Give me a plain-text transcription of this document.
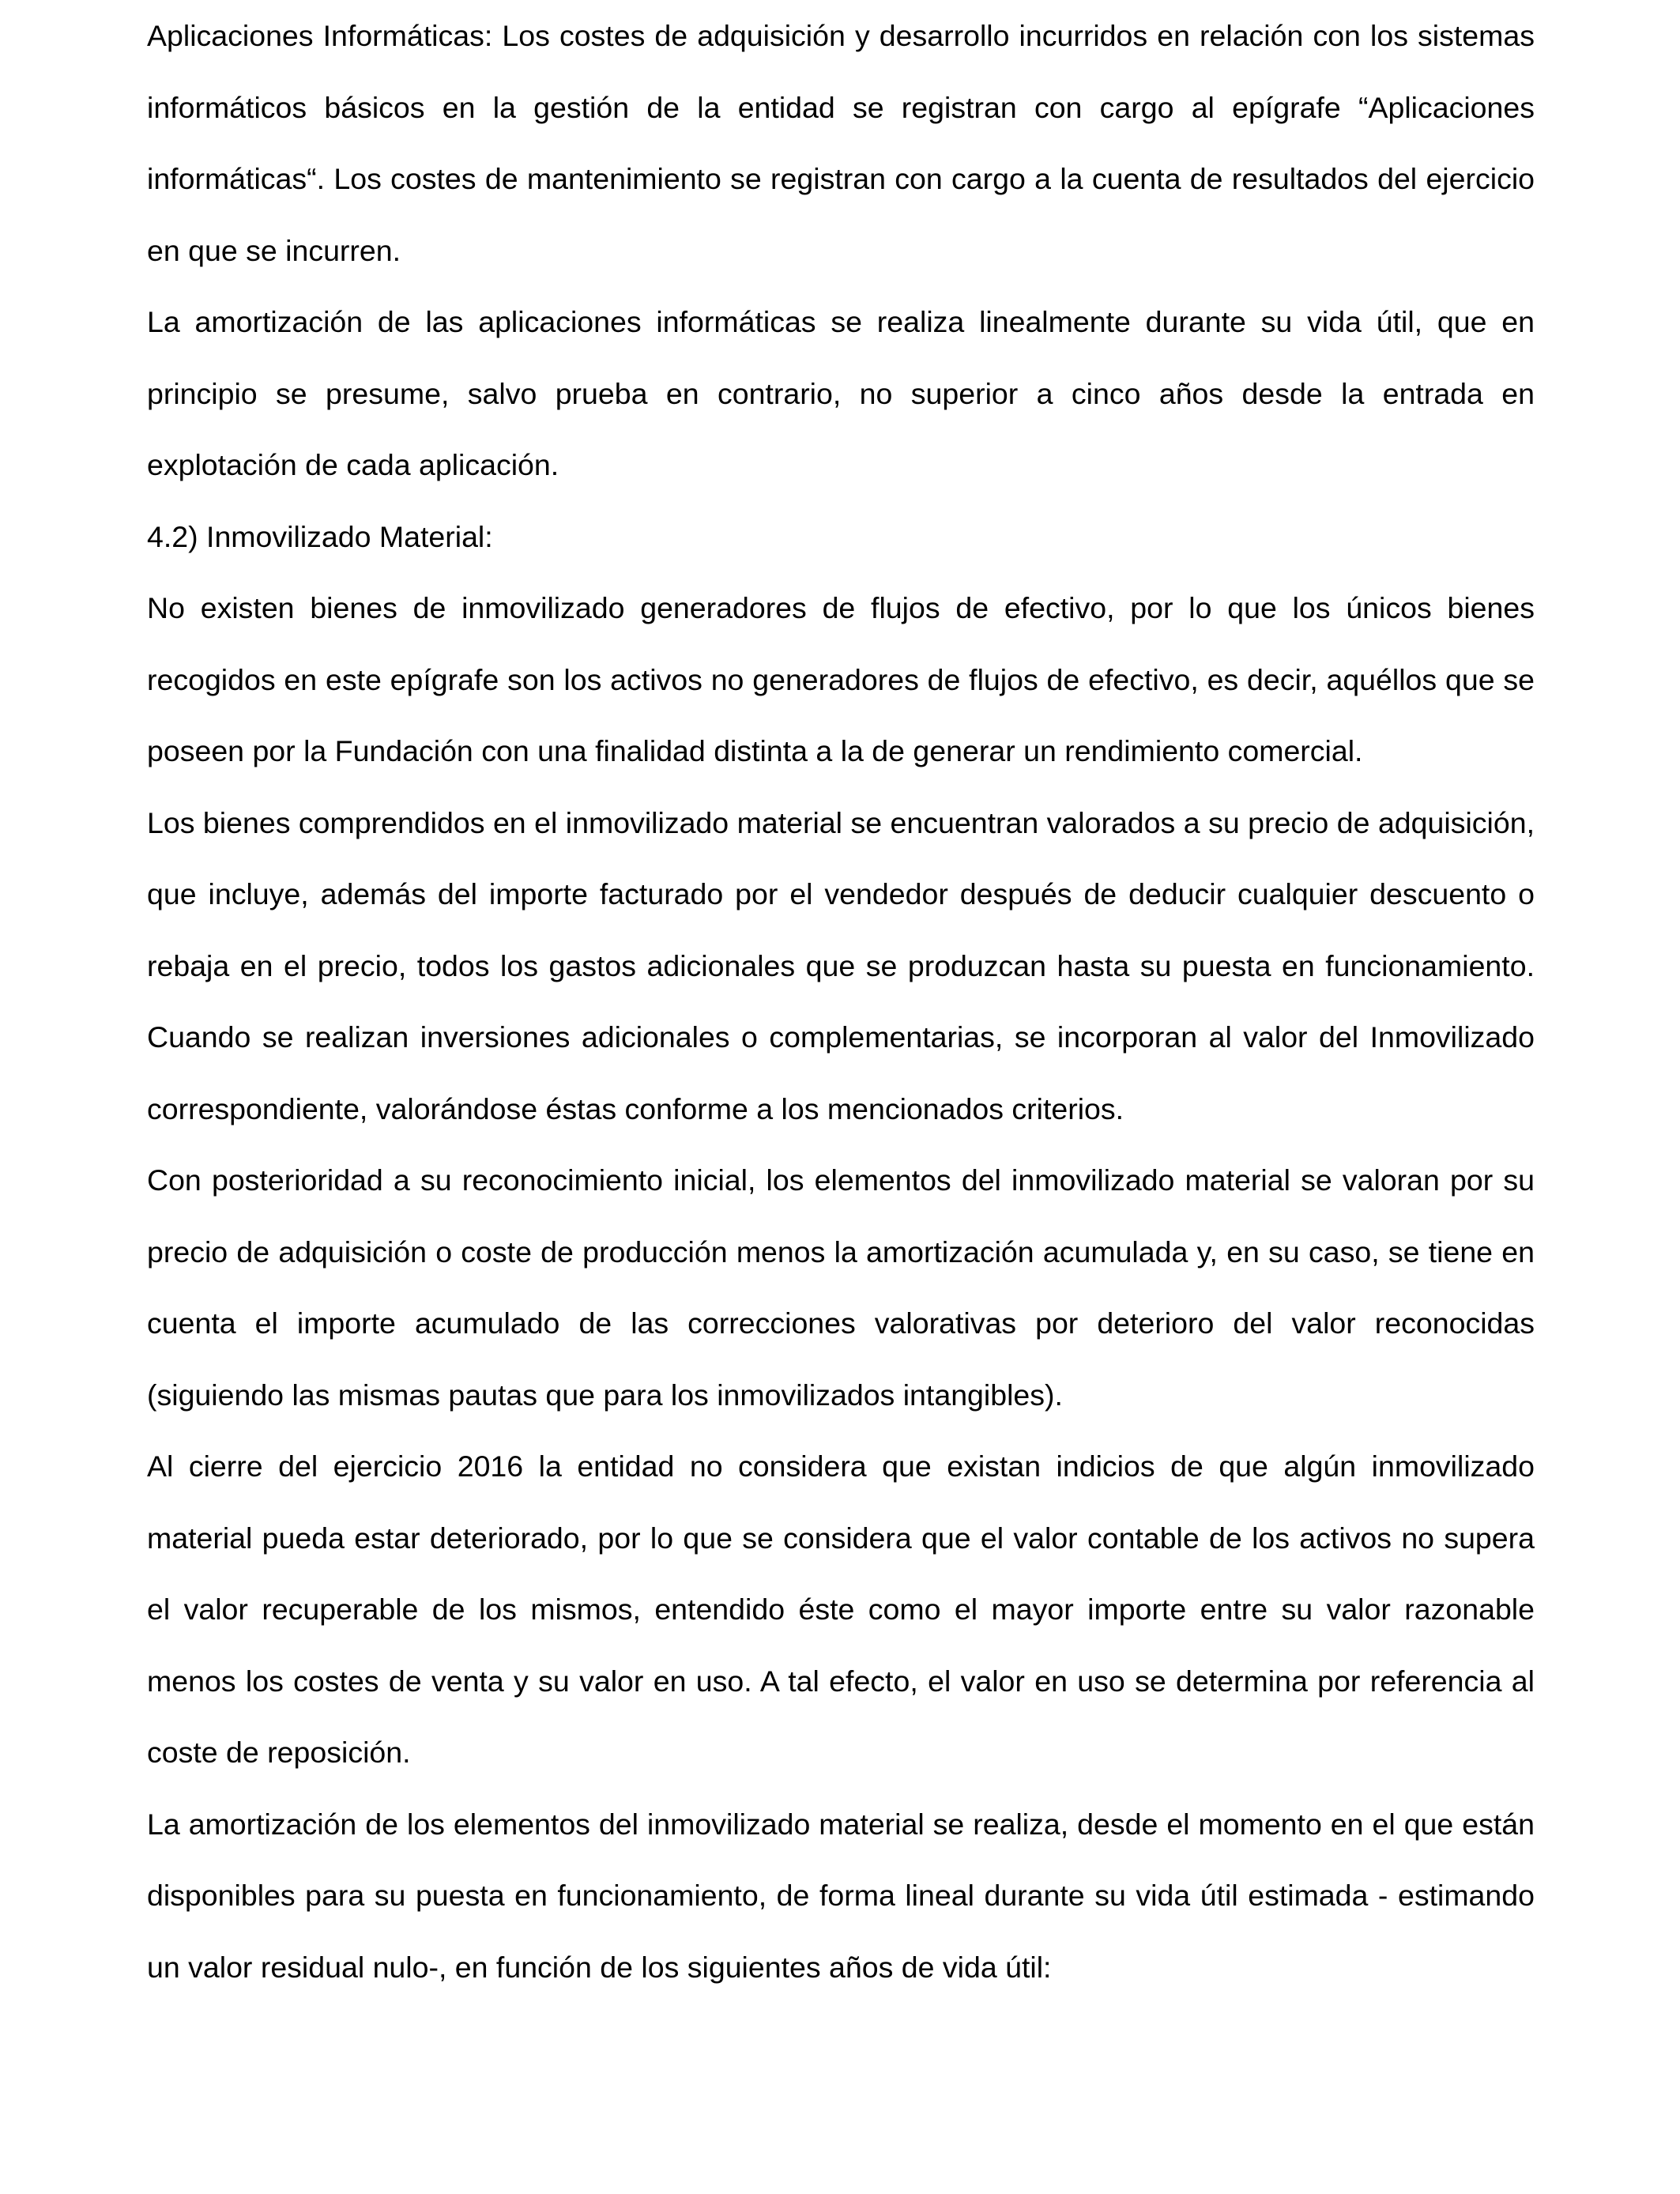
Aplicaciones Informáticas: Los costes de adquisición y desarrollo incurridos en relación con los sistemas informáticos básicos en la gestión de la entidad se registran con cargo al epígrafe “Aplicaciones informáticas“. Los costes de mantenimiento se registran con cargo a la cuenta de resultados del ejercicio en que se incurren.

La amortización de las aplicaciones informáticas se realiza linealmente durante su vida útil, que en principio se presume, salvo prueba en contrario, no superior a cinco años desde la entrada en explotación de cada aplicación.

4.2) Inmovilizado Material:

No existen bienes de inmovilizado generadores de flujos de efectivo, por lo que los únicos bienes recogidos en este epígrafe son los activos no generadores de flujos de efectivo, es decir, aquéllos que se poseen por la Fundación con una finalidad distinta a la de generar un rendimiento comercial.

Los bienes comprendidos en el inmovilizado material se encuentran valorados a su precio de adquisición, que incluye, además del importe facturado por el vendedor después de deducir cualquier descuento o rebaja en el precio, todos los gastos adicionales que se produzcan hasta su puesta en funcionamiento. Cuando se realizan inversiones adicionales o complementarias, se incorporan al valor del Inmovilizado correspondiente, valorándose éstas conforme a los mencionados criterios.

Con posterioridad a su reconocimiento inicial, los elementos del inmovilizado material se valoran por su precio de adquisición o coste de producción menos la amortización acumulada y, en su caso, se tiene en cuenta el importe acumulado de las correcciones valorativas por deterioro del valor reconocidas (siguiendo las mismas pautas que para los inmovilizados intangibles).

Al cierre del ejercicio 2016 la entidad no considera que existan indicios de que algún inmovilizado material pueda estar deteriorado, por lo que se considera que el valor contable de los activos no supera el valor recuperable de los mismos, entendido éste como el mayor importe entre su valor razonable menos los costes de venta y su valor en uso. A tal efecto, el valor en uso se determina por referencia al coste de reposición.

La amortización de los elementos del inmovilizado material se realiza, desde el momento en el que están disponibles para su puesta en funcionamiento, de forma lineal durante su vida útil estimada - estimando un valor residual nulo-, en función de los siguientes años de vida útil:
